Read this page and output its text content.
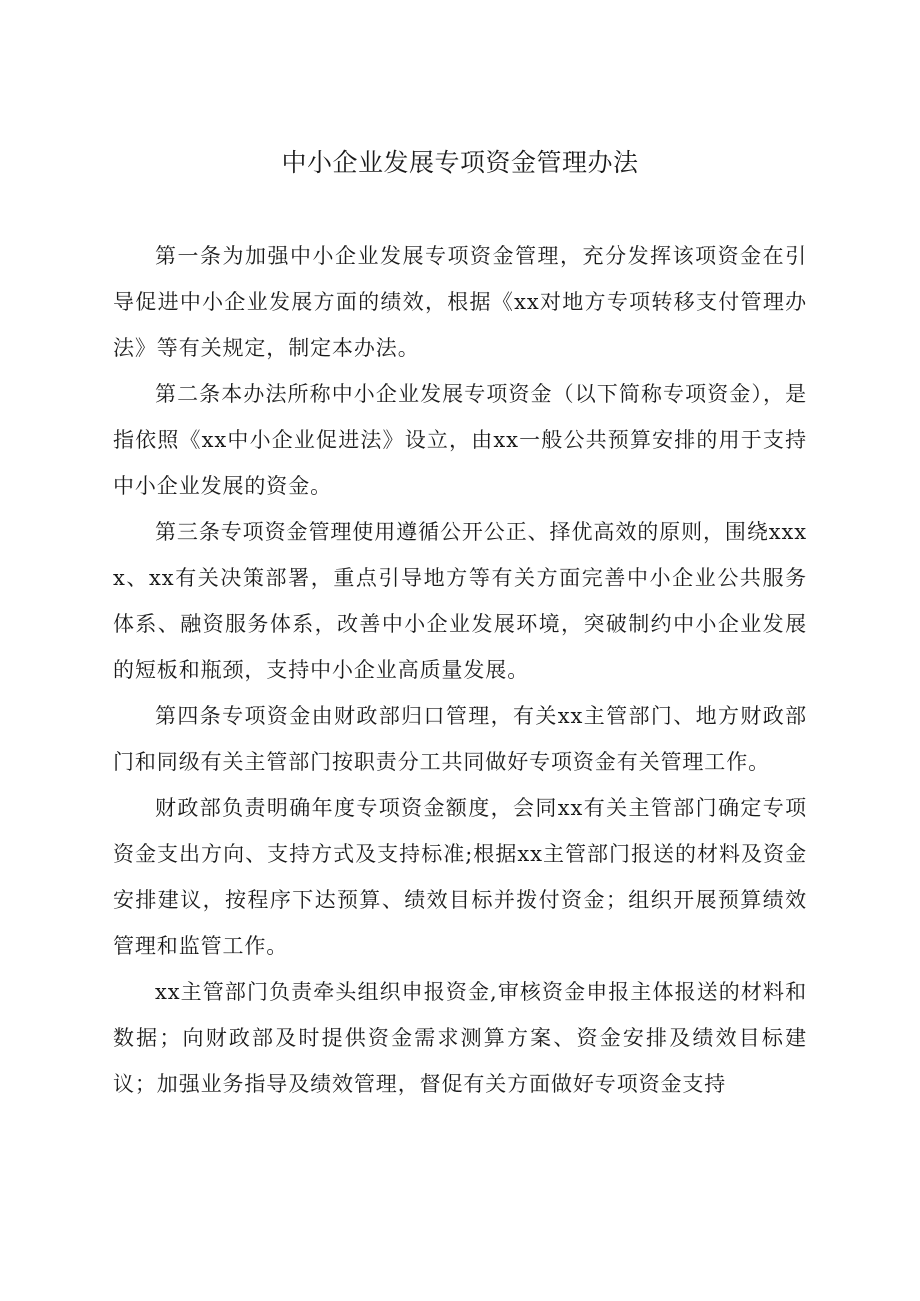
中小企业发展专项资金管理办法

第一条为加强中小企业发展专项资金管理，充分发挥该项资金在引导促进中小企业发展方面的绩效，根据《xx对地方专项转移支付管理办法》等有关规定，制定本办法。

第二条本办法所称中小企业发展专项资金（以下简称专项资金），是指依照《xx中小企业促进法》设立，由xx一般公共预算安排的用于支持中小企业发展的资金。

第三条专项资金管理使用遵循公开公正、择优高效的原则，围绕xxxx、xx有关决策部署，重点引导地方等有关方面完善中小企业公共服务体系、融资服务体系，改善中小企业发展环境，突破制约中小企业发展的短板和瓶颈，支持中小企业高质量发展。

第四条专项资金由财政部归口管理，有关xx主管部门、地方财政部门和同级有关主管部门按职责分工共同做好专项资金有关管理工作。

财政部负责明确年度专项资金额度，会同xx有关主管部门确定专项资金支出方向、支持方式及支持标准;根据xx主管部门报送的材料及资金安排建议，按程序下达预算、绩效目标并拨付资金；组织开展预算绩效管理和监管工作。

xx主管部门负责牵头组织申报资金,审核资金申报主体报送的材料和数据；向财政部及时提供资金需求测算方案、资金安排及绩效目标建议；加强业务指导及绩效管理，督促有关方面做好专项资金支持
